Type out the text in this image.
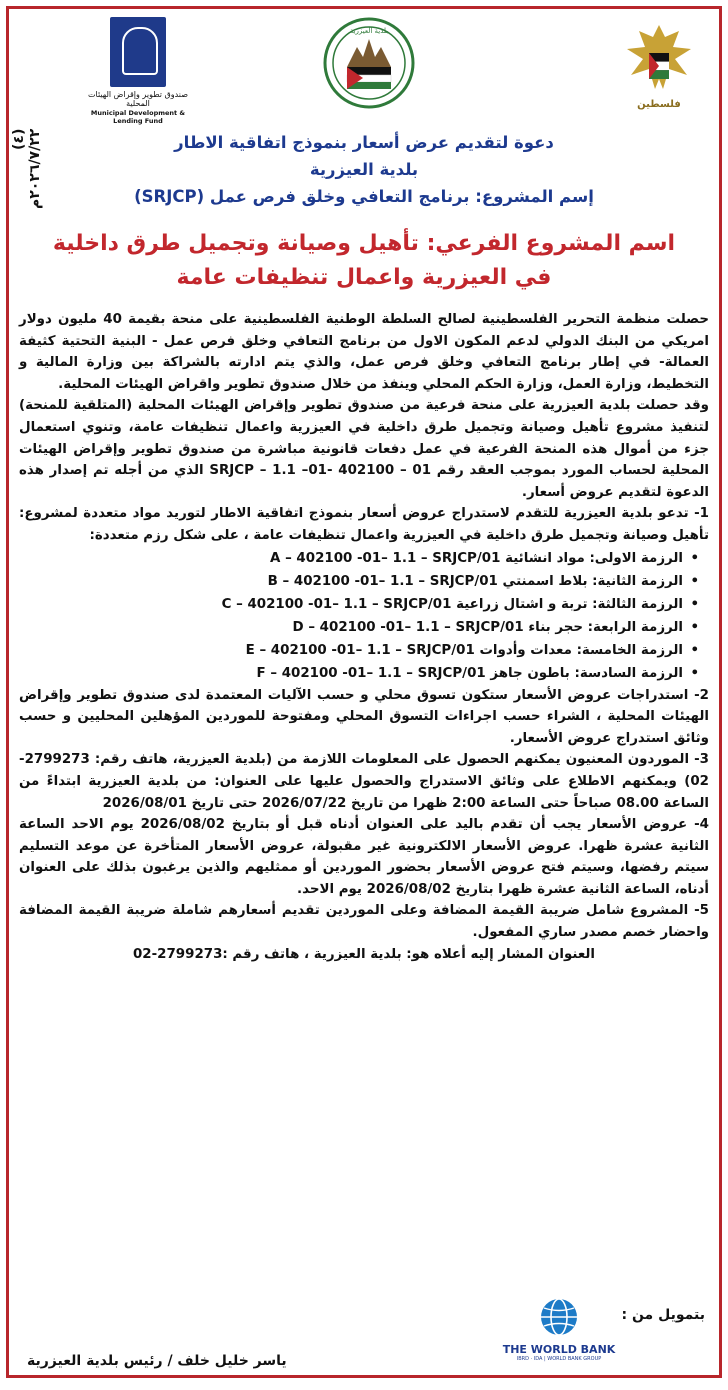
صندوق تطوير وإقراض الهيئات المحلية
Municipal Development & Lending Fund
بلدية العيزرية
فلسطين
(٤) ٢٠٢٦/٧/٢٢م	دعوة لتقديم عرض أسعار بنموذج اتفاقية الاطار
بلدية العيزرية
إسم المشروع: برنامج التعافي وخلق فرص عمل (SRJCP)
اسم المشروع الفرعي: تأهيل وصيانة وتجميل طرق داخلية
في العيزرية واعمال تنظيفات عامة

حصلت منظمة التحرير الفلسطينية لصالح السلطة الوطنية الفلسطينية على منحة بقيمة 40 مليون دولار امريكي من البنك الدولي لدعم المكون الاول من برنامج التعافي وخلق فرص عمل - البنية التحتية كثيفة العمالة- في إطار برنامج التعافي وخلق فرص عمل، والذي يتم ادارته بالشراكة بين وزارة المالية و التخطيط، وزارة العمل، وزارة الحكم المحلي وينفذ من خلال صندوق تطوير واقراض الهيئات المحلية.

وقد حصلت بلدية العيزرية على منحة فرعية من صندوق تطوير وإقراض الهيئات المحلية (المتلقية للمنحة) لتنفيذ مشروع تأهيل وصيانة وتجميل طرق داخلية في العيزرية واعمال تنظيفات عامة، وتنوي استعمال جزء من أموال هذه المنحة الفرعية في عمل دفعات قانونية مباشرة من صندوق تطوير وإقراض الهيئات المحلية لحساب المورد بموجب العقد رقم 01 – 402100 -01– 1.1 – SRJCP الذي من أجله تم إصدار هذه الدعوة لتقديم عروض أسعار.

1- تدعو بلدية العيزرية للتقدم لاستدراج عروض أسعار بنموذج اتفاقية الاطار لتوريد مواد متعددة لمشروع: تأهيل وصيانة وتجميل طرق داخلية في العيزرية واعمال تنظيفات عامة ، على شكل رزم متعددة:

• الرزمة الاولى: مواد انشائية 01/A – 402100 -01– 1.1 – SRJCP
• الرزمة الثانية: بلاط اسمنتي 01/B – 402100 -01– 1.1 – SRJCP
• الرزمة الثالثة: تربة و اشتال زراعية 01/C – 402100 -01– 1.1 – SRJCP
• الرزمة الرابعة: حجر بناء 01/D – 402100 -01– 1.1 – SRJCP
• الرزمة الخامسة: معدات وأدوات 01/E – 402100 -01– 1.1 – SRJCP
• الرزمة السادسة: باطون جاهز 01/F – 402100 -01– 1.1 – SRJCP

2- استدراجات عروض الأسعار ستكون تسوق محلي و حسب الآليات المعتمدة لدى صندوق تطوير وإقراض الهيئات المحلية ، الشراء حسب اجراءات التسوق المحلي ومفتوحة للموردين المؤهلين المحليين و حسب وثائق استدراج عروض الأسعار.

3- الموردون المعنيون يمكنهم الحصول على المعلومات اللازمة من (بلدية العيزرية، هاتف رقم: 2799273-02) ويمكنهم الاطلاع على وثائق الاستدراج والحصول عليها على العنوان: من بلدية العيزرية ابتداءً من الساعة 08.00 صباحاً حتى الساعة 2:00 ظهرا من تاريخ 2026/07/22 حتى تاريخ 2026/08/01

4- عروض الأسعار يجب أن تقدم باليد على العنوان أدناه قبل أو بتاريخ 2026/08/02 يوم الاحد الساعة الثانية عشرة ظهرا. عروض الأسعار الالكترونية غير مقبولة، عروض الأسعار المتأخرة عن موعد التسليم سيتم رفضها، وسيتم فتح عروض الأسعار بحضور الموردين أو ممثليهم والذين يرغبون بذلك على العنوان أدناه، الساعة الثانية عشرة ظهرا بتاريخ 2026/08/02 يوم الاحد.

5- المشروع شامل ضريبة القيمة المضافة وعلى الموردين تقديم أسعارهم شاملة ضريبة القيمة المضافة واحضار خصم مصدر ساري المفعول.

العنوان المشار إليه أعلاه هو: بلدية العيزرية ، هاتف رقم :2799273-02

بتمويل من :
THE WORLD BANK
IBRD · IDA | WORLD BANK GROUP
ياسر خليل خلف / رئيس بلدية العيزرية
